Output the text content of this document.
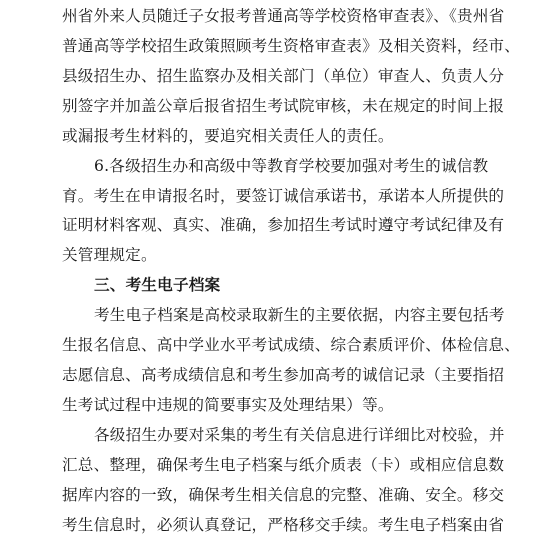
州省外来人员随迁子女报考普通高等学校资格审查表》、《贵州省
普通高等学校招生政策照顾考生资格审查表》及相关资料，经市、
县级招生办、招生监察办及相关部门（单位）审查人、负责人分
别签字并加盖公章后报省招生考试院审核，未在规定的时间上报
或漏报考生材料的，要追究相关责任人的责任。
6.各级招生办和高级中等教育学校要加强对考生的诚信教
育。考生在申请报名时，要签订诚信承诺书，承诺本人所提供的
证明材料客观、真实、准确，参加招生考试时遵守考试纪律及有
关管理规定。
三、考生电子档案
考生电子档案是高校录取新生的主要依据，内容主要包括考
生报名信息、高中学业水平考试成绩、综合素质评价、体检信息、
志愿信息、高考成绩信息和考生参加高考的诚信记录（主要指招
生考试过程中违规的简要事实及处理结果）等。
各级招生办要对采集的考生有关信息进行详细比对校验，并
汇总、整理，确保考生电子档案与纸介质表（卡）或相应信息数
据库内容的一致，确保考生相关信息的完整、准确、安全。移交
考生信息时，必须认真登记，严格移交手续。考生电子档案由省
